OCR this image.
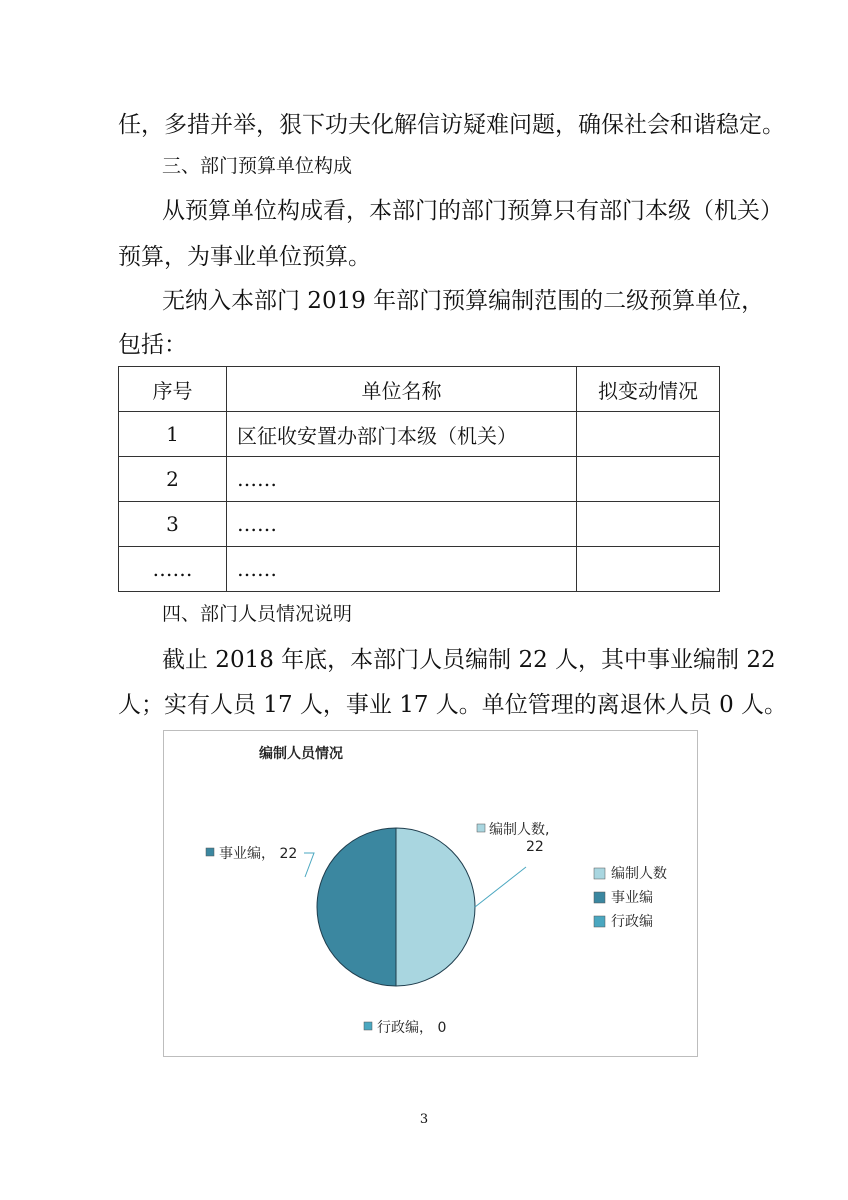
任，多措并举，狠下功夫化解信访疑难问题，确保社会和谐稳定。
三、部门预算单位构成
从预算单位构成看，本部门的部门预算只有部门本级（机关）
预算，为事业单位预算。
无纳入本部门 2019 年部门预算编制范围的二级预算单位，
包括：
序号	单位名称	拟变动情况
1	区征收安置办部门本级（机关）	
2	……	
3	……	
……	……	
四、部门人员情况说明
截止 2018 年底，本部门人员编制 22 人，其中事业编制 22
人；实有人员 17 人，事业 17 人。单位管理的离退休人员 0 人。
编制人员情况
编制人数,
22
事业编， 22
行政编， 0
编制人数
事业编
行政编
3
